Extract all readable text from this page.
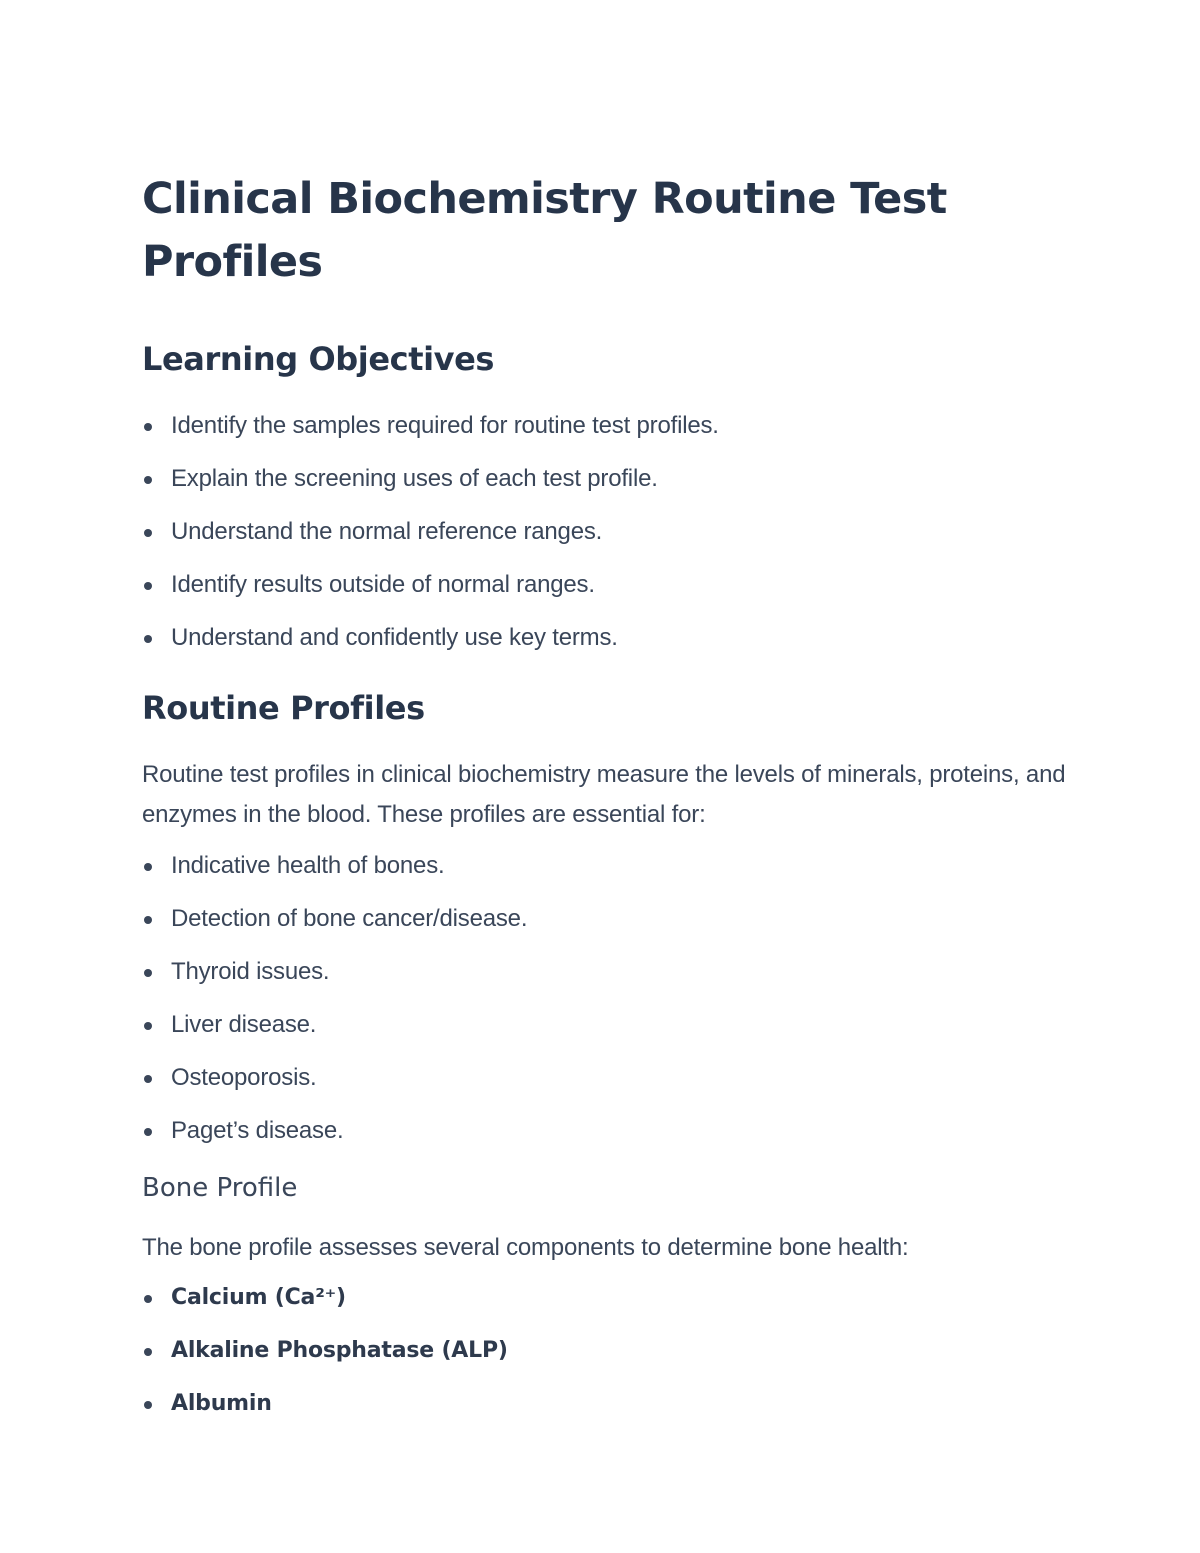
Clinical Biochemistry Routine Test Profiles
Learning Objectives
Identify the samples required for routine test profiles.
Explain the screening uses of each test profile.
Understand the normal reference ranges.
Identify results outside of normal ranges.
Understand and confidently use key terms.
Routine Profiles

Routine test profiles in clinical biochemistry measure the levels of minerals, proteins, and enzymes in the blood. These profiles are essential for:

Indicative health of bones.
Detection of bone cancer/disease.
Thyroid issues.
Liver disease.
Osteoporosis.
Paget’s disease.
Bone Profile

The bone profile assesses several components to determine bone health:

Calcium (Ca²⁺)
Alkaline Phosphatase (ALP)
Albumin
